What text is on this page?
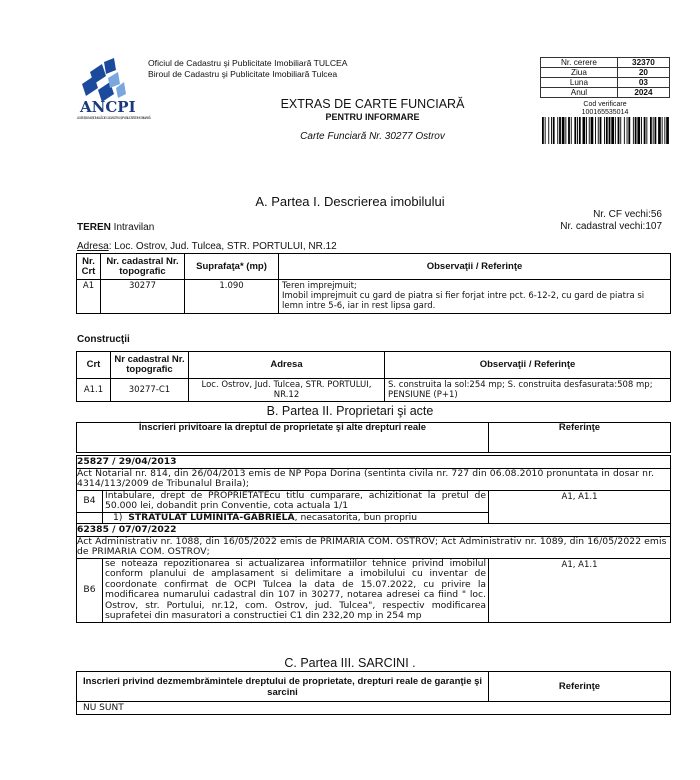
ANCPI
AGENȚIA NAȚIONALĂ DE CADASTRU ȘI PUBLICITATE IMOBILIARĂ
Oficiul de Cadastru şi Publicitate Imobiliară TULCEA
Biroul de Cadastru şi Publicitate Imobiliară Tulcea
EXTRAS DE CARTE FUNCIARĂ
PENTRU INFORMARE
Carte Funciară Nr. 30277 Ostrov
Nr. cerere	32370
Ziua	20
Luna	03
Anul	2024
Cod verificare
100165535014
A. Partea I. Descrierea imobilului
TEREN Intravilan
Nr. CF vechi:56
Nr. cadastral vechi:107
Adresa: Loc. Ostrov, Jud. Tulcea, STR. PORTULUI, NR.12
Nr. Crt	Nr. cadastral Nr. topografic	Suprafaţa* (mp)	Observaţii / Referinţe
A1	30277	1.090	Teren imprejmuit;
Imobil imprejmuit cu gard de piatra si fier forjat intre pct. 6-12-2, cu gard de piatra si lemn intre 5-6, iar in rest lipsa gard.
Construcţii
Crt	Nr cadastral Nr. topografic	Adresa	Observaţii / Referinţe
A1.1	30277-C1	Loc. Ostrov, Jud. Tulcea, STR. PORTULUI, NR.12	S. construita la sol:254 mp; S. construita desfasurata:508 mp; PENSIUNE (P+1)
B. Partea II. Proprietari şi acte
Înscrieri privitoare la dreptul de proprietate şi alte drepturi reale		Referinţe

25827 / 29/04/2013		
Act Notarial nr. 814, din 26/04/2013 emis de NP Popa Dorina (sentinta civila nr. 727 din 06.08.2010 pronuntata in dosar nr. 4314/113/2009 de Tribunalul Braila);		
B4	Intabulare, drept de PROPRIETATEcu titlu cumparare, achizitionat la pretul de 50.000 lei, dobandit prin Conventie, cota actuala 1/1	A1, A1.1
	1) STRATULAT LUMINITA-GABRIELA, necasatorita, bun propriu	
62385 / 07/07/2022		
Act Administrativ nr. 1088, din 16/05/2022 emis de PRIMARIA COM. OSTROV; Act Administrativ nr. 1089, din 16/05/2022 emis de PRIMARIA COM. OSTROV;		
B6	se noteaza repozitionarea si actualizarea informatiilor tehnice privind imobilul conform planului de amplasament si delimitare a imobilului cu inventar de coordonate confirmat de OCPI Tulcea la data de 15.07.2022, cu privire la modificarea numarului cadastral din 107 in 30277, notarea adresei ca fiind " loc. Ostrov, str. Portului, nr.12, com. Ostrov, jud. Tulcea", respectiv modificarea suprafetei din masuratori a constructiei C1 din 232,20 mp in 254 mp	A1, A1.1
C. Partea III. SARCINI .
Inscrieri privind dezmembrămintele dreptului de proprietate, drepturi reale de garanţie şi sarcini	Referinţe
NU SUNT
